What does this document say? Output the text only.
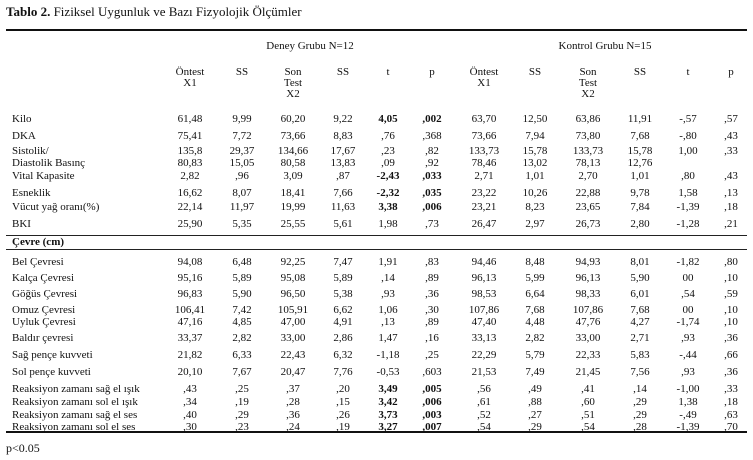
Tablo 2. Fiziksel Uygunluk ve Bazı Fizyolojik Ölçümler
Deney Grubu N=12	Kontrol Grubu N=15
Öntest
X1
SS	Son
Test
X2
SS	t	p	Öntest
X1
SS	Son
Test
X2
SS	t	p
Kilo	61,48	9,99	60,20	9,22	4,05	,002	63,70	12,50	63,86	11,91	-,57	,57
DKA	75,41	7,72	73,66	8,83	,76	,368	73,66	7,94	73,80	7,68	-,80	,43
Sistolik/	135,8	29,37	134,66	17,67	,23	,82	133,73	15,78	133,73	15,78	1,00	,33
Diastolik Basınç	80,83	15,05	80,58	13,83	,09	,92	78,46	13,02	78,13	12,76
Vital Kapasite	2,82	,96	3,09	,87	-2,43	,033	2,71	1,01	2,70	1,01	,80	,43
Esneklik	16,62	8,07	18,41	7,66	-2,32	,035	23,22	10,26	22,88	9,78	1,58	,13
Vücut yağ oranı(%)	22,14	11,97	19,99	11,63	3,38	,006	23,21	8,23	23,65	7,84	-1,39	,18
BKI	25,90	5,35	25,55	5,61	1,98	,73	26,47	2,97	26,73	2,80	-1,28	,21
Bel Çevresi	94,08	6,48	92,25	7,47	1,91	,83	94,46	8,48	94,93	8,01	-1,82	,80
Kalça Çevresi	95,16	5,89	95,08	5,89	,14	,89	96,13	5,99	96,13	5,90	00	,10
Göğüs Çevresi	96,83	5,90	96,50	5,38	,93	,36	98,53	6,64	98,33	6,01	,54	,59
Omuz Çevresi	106,41	7,42	105,91	6,62	1,06	,30	107,86	7,68	107,86	7,68	00	,10
Uyluk Çevresi	47,16	4,85	47,00	4,91	,13	,89	47,40	4,48	47,76	4,27	-1,74	,10
Baldır çevresi	33,37	2,82	33,00	2,86	1,47	,16	33,13	2,82	33,00	2,71	,93	,36
Sağ pençe kuvveti	21,82	6,33	22,43	6,32	-1,18	,25	22,29	5,79	22,33	5,83	-,44	,66
Sol pençe kuvveti	20,10	7,67	20,47	7,76	-0,53	,603	21,53	7,49	21,45	7,56	,93	,36
Reaksiyon zamanı sağ el ışık	,43	,25	,37	,20	3,49	,005	,56	,49	,41	,14	-1,00	,33
Reaksiyon zamanı sol el ışık	,34	,19	,28	,15	3,42	,006	,61	,88	,60	,29	1,38	,18
Reaksiyon zamanı sağ el ses	,40	,29	,36	,26	3,73	,003	,52	,27	,51	,29	-,49	,63
Reaksiyon zamanı sol el ses	,30	,23	,24	,19	3,27	,007	,54	,29	,54	,28	-1,39	,70
Çevre (cm)
p<0.05
